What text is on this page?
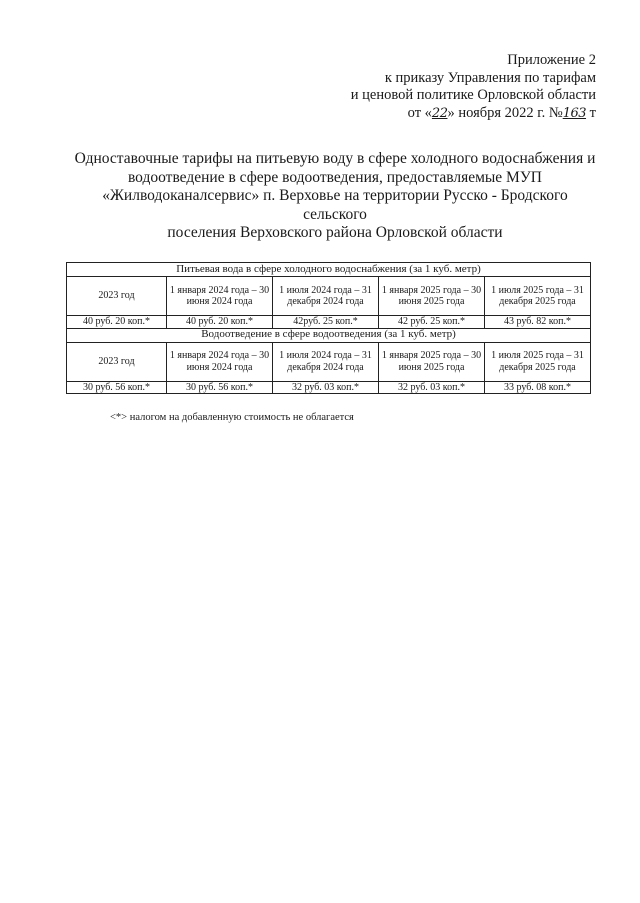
Приложение 2
к приказу Управления по тарифам
и ценовой политике Орловской области
от «22» ноября 2022 г. №163 т
Одноставочные тарифы на питьевую воду в сфере холодного водоснабжения и
водоотведение в сфере водоотведения, предоставляемые МУП
«Жилводоканалсервис» п. Верховье на территории Русско - Бродского сельского
поселения Верховского района Орловской области
Питьевая вода в сфере холодного водоснабжения (за 1 куб. метр)				
2023 год	1 января 2024 года – 30 июня 2024 года	1 июля 2024 года – 31 декабря 2024 года	1 января 2025 года – 30 июня 2025 года	1 июля 2025 года – 31 декабря 2025 года
40 руб. 20 коп.*	40 руб. 20 коп.*	42руб. 25 коп.*	42 руб. 25 коп.*	43 руб. 82 коп.*
Водоотведение в сфере водоотведения (за 1 куб. метр)				
2023 год	1 января 2024 года – 30 июня 2024 года	1 июля 2024 года – 31 декабря 2024 года	1 января 2025 года – 30 июня 2025 года	1 июля 2025 года – 31 декабря 2025 года
30 руб. 56 коп.*	30 руб. 56 коп.*	32 руб. 03 коп.*	32 руб. 03 коп.*	33 руб. 08 коп.*
<*> налогом на добавленную стоимость не облагается
